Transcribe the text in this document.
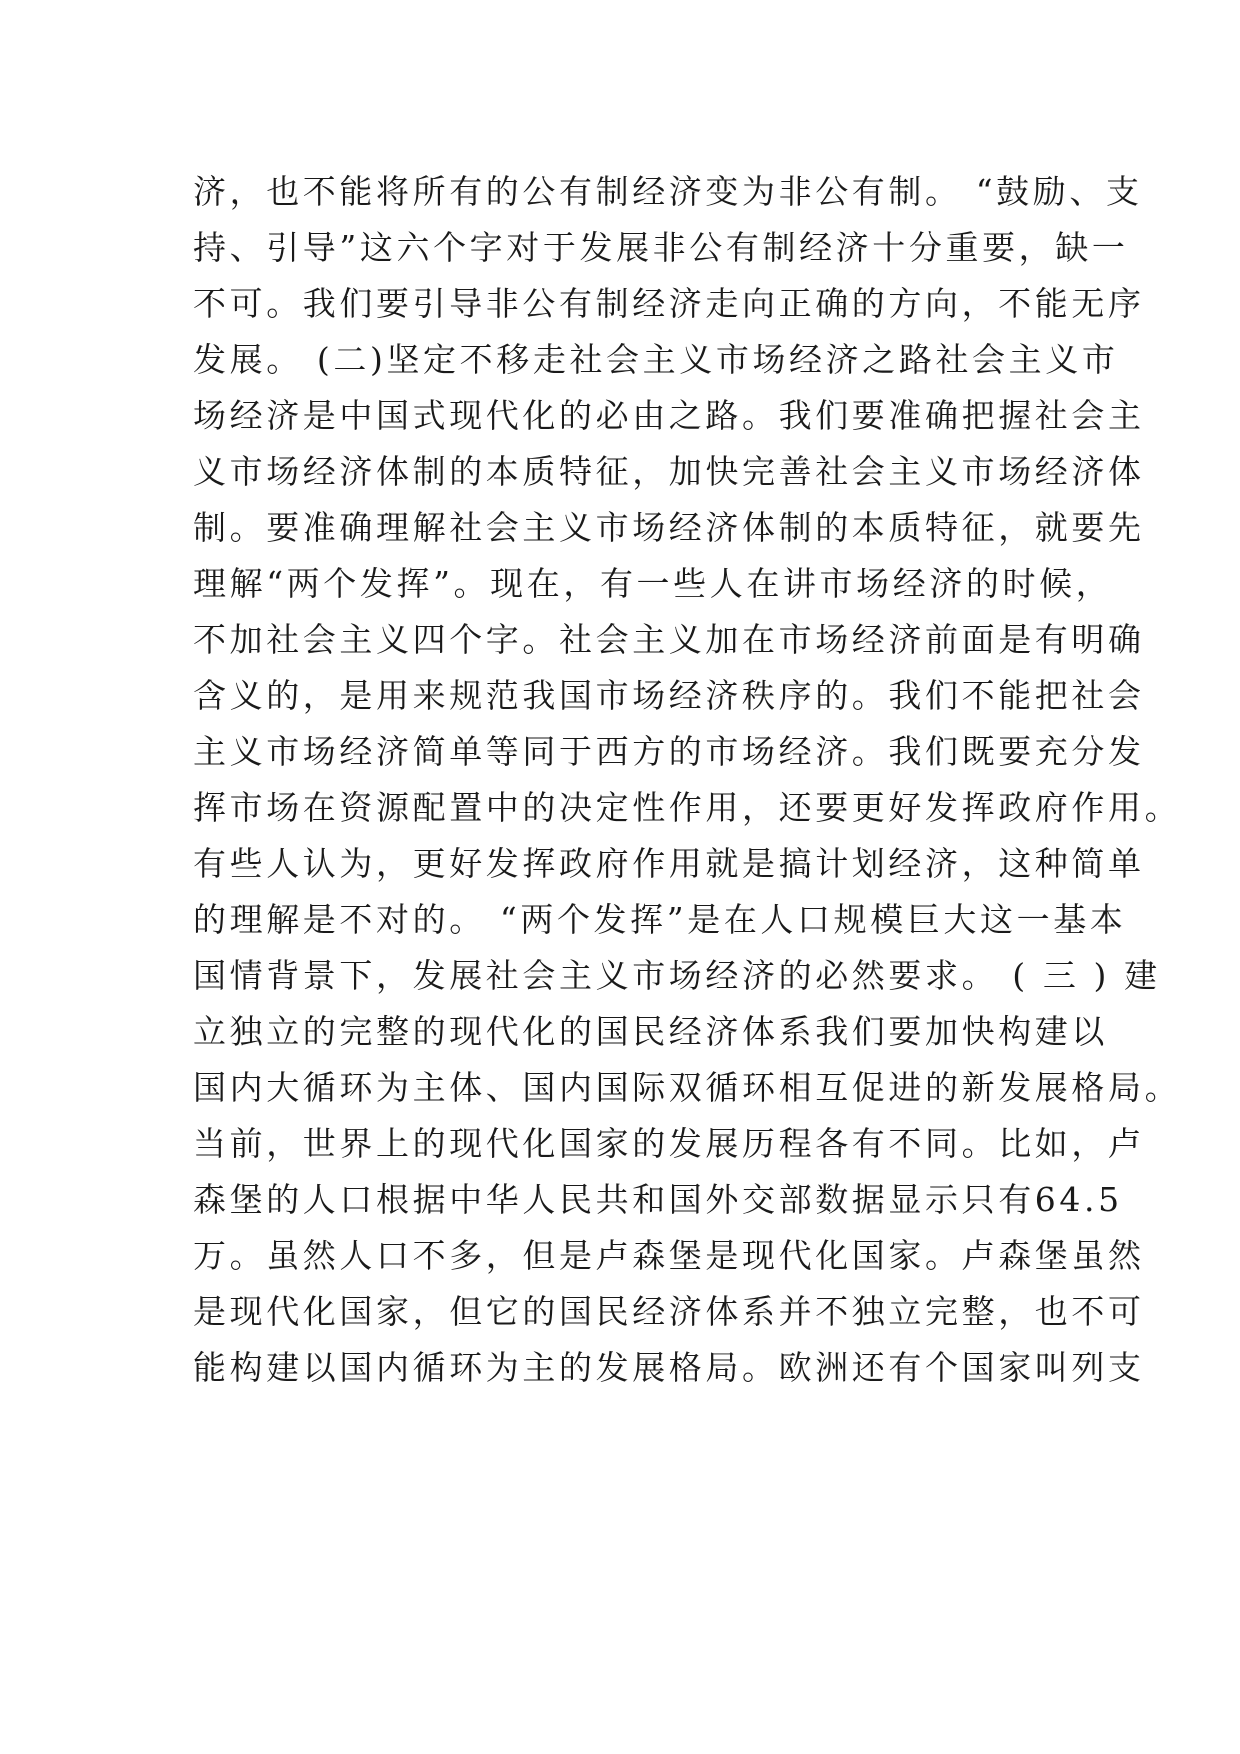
济，也不能将所有的公有制经济变为非公有制。 “鼓励、支
持、引导”这六个字对于发展非公有制经济十分重要，缺一
不可。我们要引导非公有制经济走向正确的方向，不能无序
发展。 (二)坚定不移走社会主义市场经济之路社会主义市
场经济是中国式现代化的必由之路。我们要准确把握社会主
义市场经济体制的本质特征，加快完善社会主义市场经济体
制。要准确理解社会主义市场经济体制的本质特征，就要先
理解“两个发挥”。现在，有一些人在讲市场经济的时候，
不加社会主义四个字。社会主义加在市场经济前面是有明确
含义的，是用来规范我国市场经济秩序的。我们不能把社会
主义市场经济简单等同于西方的市场经济。我们既要充分发
挥市场在资源配置中的决定性作用，还要更好发挥政府作用。
有些人认为，更好发挥政府作用就是搞计划经济，这种简单
的理解是不对的。 “两个发挥”是在人口规模巨大这一基本
国情背景下，发展社会主义市场经济的必然要求。 ( 三 ) 建
立独立的完整的现代化的国民经济体系我们要加快构建以
国内大循环为主体、国内国际双循环相互促进的新发展格局。
当前，世界上的现代化国家的发展历程各有不同。比如，卢
森堡的人口根据中华人民共和国外交部数据显示只有64.5
万。虽然人口不多，但是卢森堡是现代化国家。卢森堡虽然
是现代化国家，但它的国民经济体系并不独立完整，也不可
能构建以国内循环为主的发展格局。欧洲还有个国家叫列支
